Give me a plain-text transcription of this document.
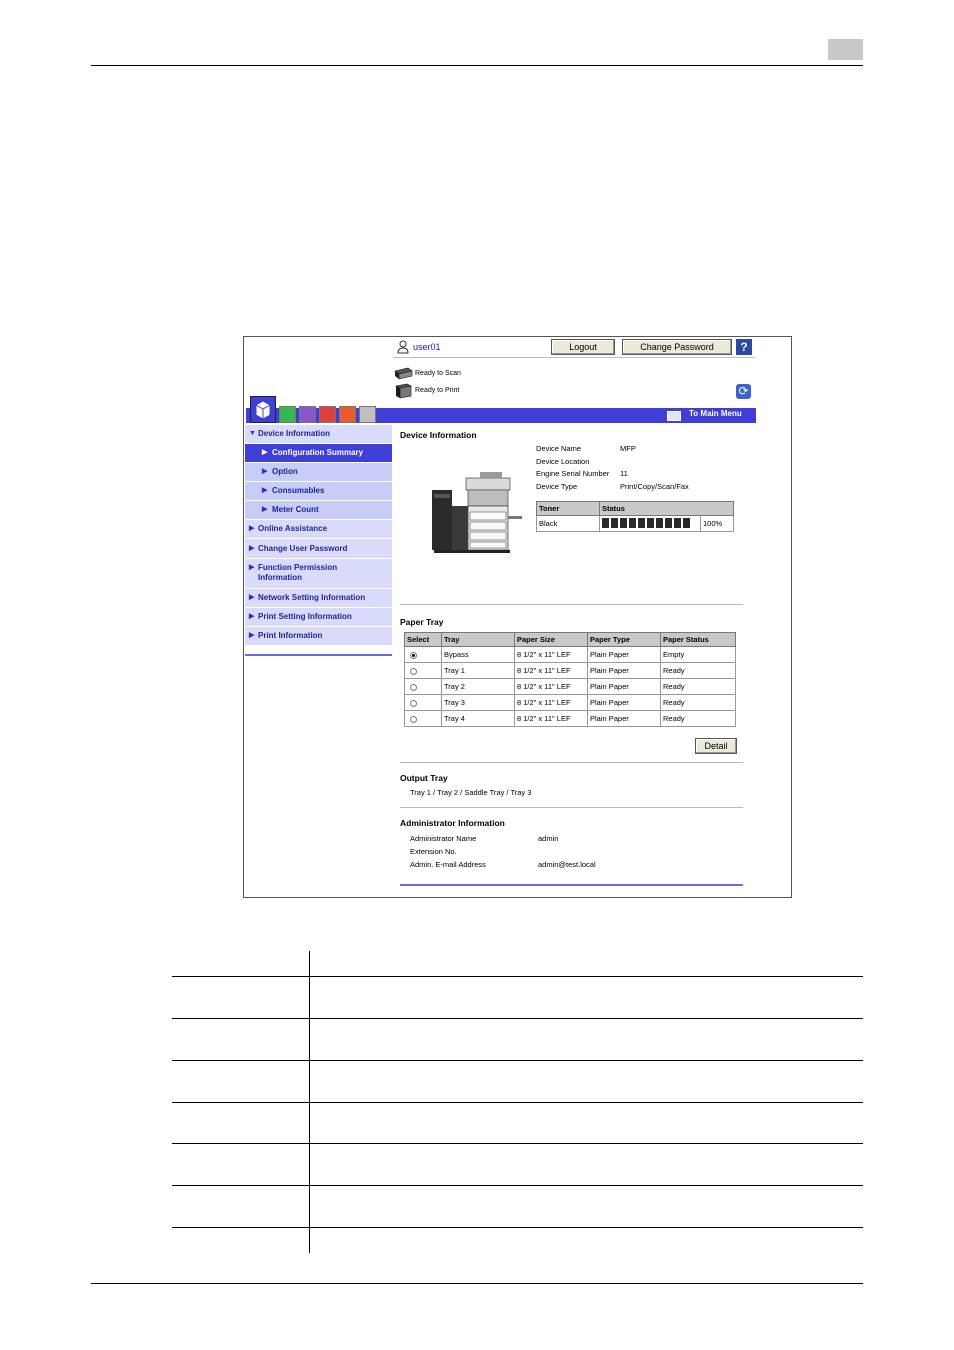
user01	Logout	Change Password	?
Ready to Scan
Ready to Print	⟳
To Main Menu
▼ Device Information
▶ Configuration Summary
▶ Option
▶ Consumables
▶ Meter Count
▶ Online Assistance
▶ Change User Password
▶ Function Permission Information
▶ Network Setting Information
▶ Print Setting Information
▶ Print Information
Device Information
Device Name	MFP
Device Location
Engine Serial Number 11
Device Type	Print/Copy/Scan/Fax
Toner	Status	
Black		100%
Paper Tray
Select	Tray	Paper Size	Paper Type	Paper Status
	Bypass	8 1/2" x 11" LEF	Plain Paper	Empty
	Tray 1	8 1/2" x 11" LEF	Plain Paper	Ready
	Tray 2	8 1/2" x 11" LEF	Plain Paper	Ready
	Tray 3	8 1/2" x 11" LEF	Plain Paper	Ready
	Tray 4	8 1/2" x 11" LEF	Plain Paper	Ready
Detail
Output Tray
Tray 1 / Tray 2 / Saddle Tray / Tray 3
Administrator Information
Administrator Name	admin
Extension No.
Admin. E-mail Address	admin@test.local
